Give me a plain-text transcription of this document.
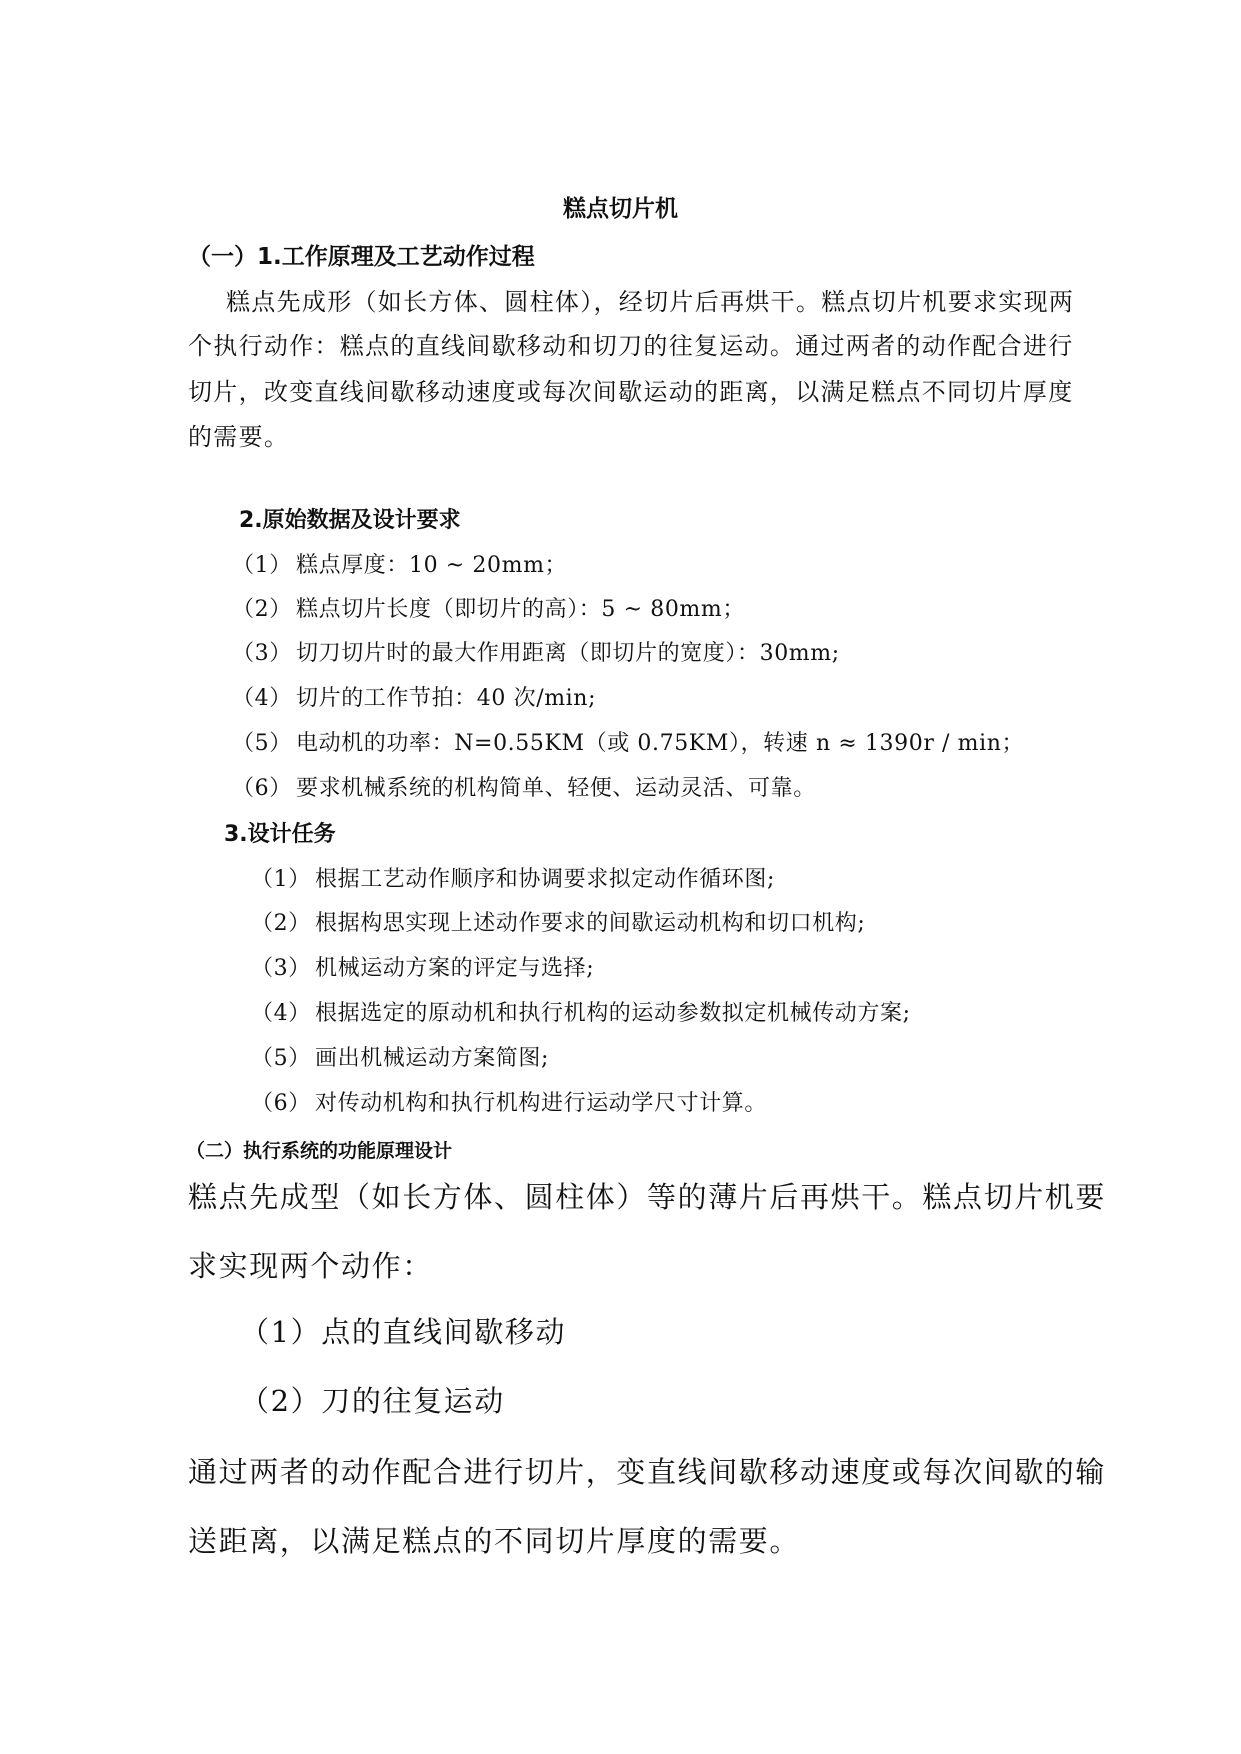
糕点切片机
（一）1.工作原理及工艺动作过程
糕点先成形（如长方体、圆柱体），经切片后再烘干。糕点切片机要求实现两
个执行动作：糕点的直线间歇移动和切刀的往复运动。通过两者的动作配合进行
切片，改变直线间歇移动速度或每次间歇运动的距离，以满足糕点不同切片厚度
的需要。
2.原始数据及设计要求
（1） 糕点厚度：10 ~ 20mm；
（2） 糕点切片长度（即切片的高）：5 ~ 80mm；
（3） 切刀切片时的最大作用距离（即切片的宽度）：30mm;
（4） 切片的工作节拍：40 次/min;
（5） 电动机的功率：N=0.55KM（或 0.75KM），转速 n ≈ 1390r / min；
（6） 要求机械系统的机构简单、轻便、运动灵活、可靠。
3.设计任务
（1） 根据工艺动作顺序和协调要求拟定动作循环图;
（2） 根据构思实现上述动作要求的间歇运动机构和切口机构;
（3） 机械运动方案的评定与选择;
（4） 根据选定的原动机和执行机构的运动参数拟定机械传动方案;
（5） 画出机械运动方案简图;
（6） 对传动机构和执行机构进行运动学尺寸计算。
（二）执行系统的功能原理设计
糕点先成型（如长方体、圆柱体）等的薄片后再烘干。糕点切片机要
求实现两个动作：
（1）点的直线间歇移动
（2）刀的往复运动
通过两者的动作配合进行切片，变直线间歇移动速度或每次间歇的输
送距离，以满足糕点的不同切片厚度的需要。
